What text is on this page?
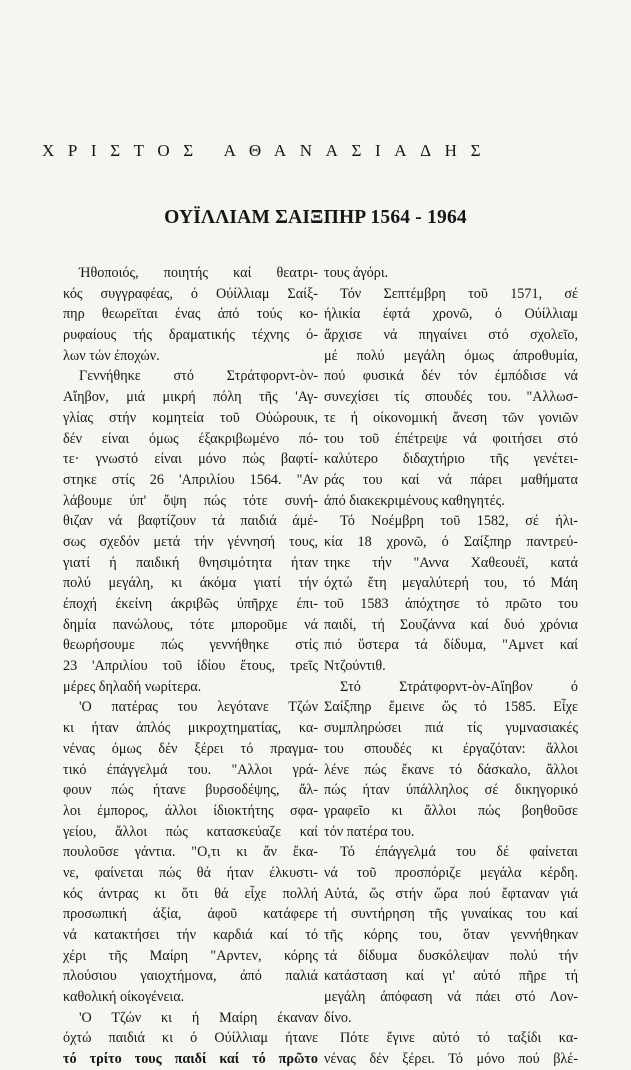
ΧΡΙΣΤΟΣ ΑΘΑΝΑΣΙΑΔΗΣ
ΟΥΪΛΛΙΑΜ ΣΑΙΞΠΗΡ 1564 - 1964
Ήθοποιός, ποιητής καί θεατρι-
κός συγγραφέας, ό Ούίλλιαμ Σαίξ-
πηρ θεωρεϊται ένας άπό τούς κο-
ρυφαίους τής δραματικής τέχνης ό-
λων τών έποχών.
Γεννήθηκε στό Στράτφορντ-ὸν-
Αἴηβον, μιά μικρή πόλη τῆς 'Αγ-
γλίας στήν κομητεία τοῦ Οὐώρουικ,
δέν είναι όμως έξακριβωμένο πό-
τε· γνωστό είναι μόνο πώς βαφτί-
στηκε στίς 26 'Απριλίου 1564. "Αν
λάβουμε ύπ' ὄψη πώς τότε συνή-
θιζαν νά βαφτίζουν τά παιδιά άμέ-
σως σχεδόν μετά τήν γέννησή τους,
γιατί ή παιδική θνησιμότητα ήταν
πολύ μεγάλη, κι άκόμα γιατί τήν
έποχή έκείνη άκριβῶς ύπῆρχε έπι-
δημία πανώλους, τότε μποροῦμε νά
θεωρήσουμε πώς γεννήθηκε στίς
23 'Απριλίου τοῦ ἰδίου ἔτους, τρεῖς
μέρες δηλαδή νωρίτερα.
'Ο πατέρας του λεγότανε Τζών
κι ήταν άπλός μικροχτηματίας, κα-
νένας όμως δέν ξέρει τό πραγμα-
τικό έπάγγελμά του. "Αλλοι γρά-
φουν πώς ήτανε βυρσοδέψης, ἄλ-
λοι έμπορος, άλλοι ίδιοκτήτης σφα-
γείου, ἄλλοι πώς κατασκεύαζε καί
πουλοῦσε γάντια. "Ο,τι κι ἄν ἔκα-
νε, φαίνεται πώς θά ήταν έλκυστι-
κός άντρας κι ὅτι θά εἶχε πολλή
προσωπική άξία, άφοῦ κατάφερε
νά κατακτήσει τήν καρδιά καί τό
χέρι τῆς Μαίρη "Αρντεν, κόρης
πλούσιου γαιοχτήμονα, άπό παλιά
καθολική οίκογένεια.
'Ο Τζών κι ή Μαίρη έκαναν
όχτώ παιδιά κι ό Ούίλλιαμ ήτανε
τό τρίτο τους παιδί καί τό πρῶτο
τους άγόρι.
Τόν Σεπτέμβρη τοῦ 1571, σέ
ήλικία έφτά χρονῶ, ό Ούίλλιαμ
ἄρχισε νά πηγαίνει στό σχολεῖο,
μέ πολύ μεγάλη όμως άπροθυμία,
πού φυσικά δέν τόν έμπόδισε νά
συνεχίσει τίς σπουδές του. "Αλλωσ-
τε ή οίκονομική ἄνεση τῶν γονιῶν
του τοῦ έπέτρεψε νά φοιτήσει στό
καλύτερο διδαχτήριο τῆς γενέτει-
ράς του καί νά πάρει μαθήματα
άπό διακεκριμένους καθηγητές.
Τό Νοέμβρη τοῦ 1582, σέ ήλι-
κία 18 χρονῶ, ό Σαίξπηρ παντρεύ-
τηκε τήν "Αννα Χαθεουέϊ, κατά
όχτώ ἔτη μεγαλύτερή του, τό Μάη
τοῦ 1583 άπόχτησε τό πρῶτο του
παιδί, τή Σουζάννα καί δυό χρόνια
πιό ὕστερα τά δίδυμα, "Αμνετ καί
Ντζούντιθ.
Στό Στράτφορντ-ὸν-Αἴηβον ό
Σαίξπηρ ἔμεινε ὥς τό 1585. Εἶχε
συμπληρώσει πιά τίς γυμνασιακές
του σπουδές κι έργαζόταν: ἄλλοι
λένε πώς ἔκανε τό δάσκαλο, ἄλλοι
πώς ήταν ύπάλληλος σέ δικηγορικό
γραφεῖο κι ἄλλοι πώς βοηθοῦσε
τόν πατέρα του.
Τό έπάγγελμά του δέ φαίνεται
νά τοῦ προσπόριζε μεγάλα κέρδη.
Αὐτά, ὥς στήν ὥρα πού ἔφταναν γιά
τή συντήρηση τῆς γυναίκας του καί
τῆς κόρης του, ὅταν γεννήθηκαν
τά δίδυμα δυσκόλεψαν πολύ τήν
κατάσταση καί γι' αὐτό πῆρε τή
μεγάλη άπόφαση νά πάει στό Λον-
δίνο.
Πότε ἔγινε αὐτό τό ταξίδι κα-
νένας δέν ξέρει. Τό μόνο πού βλέ-
